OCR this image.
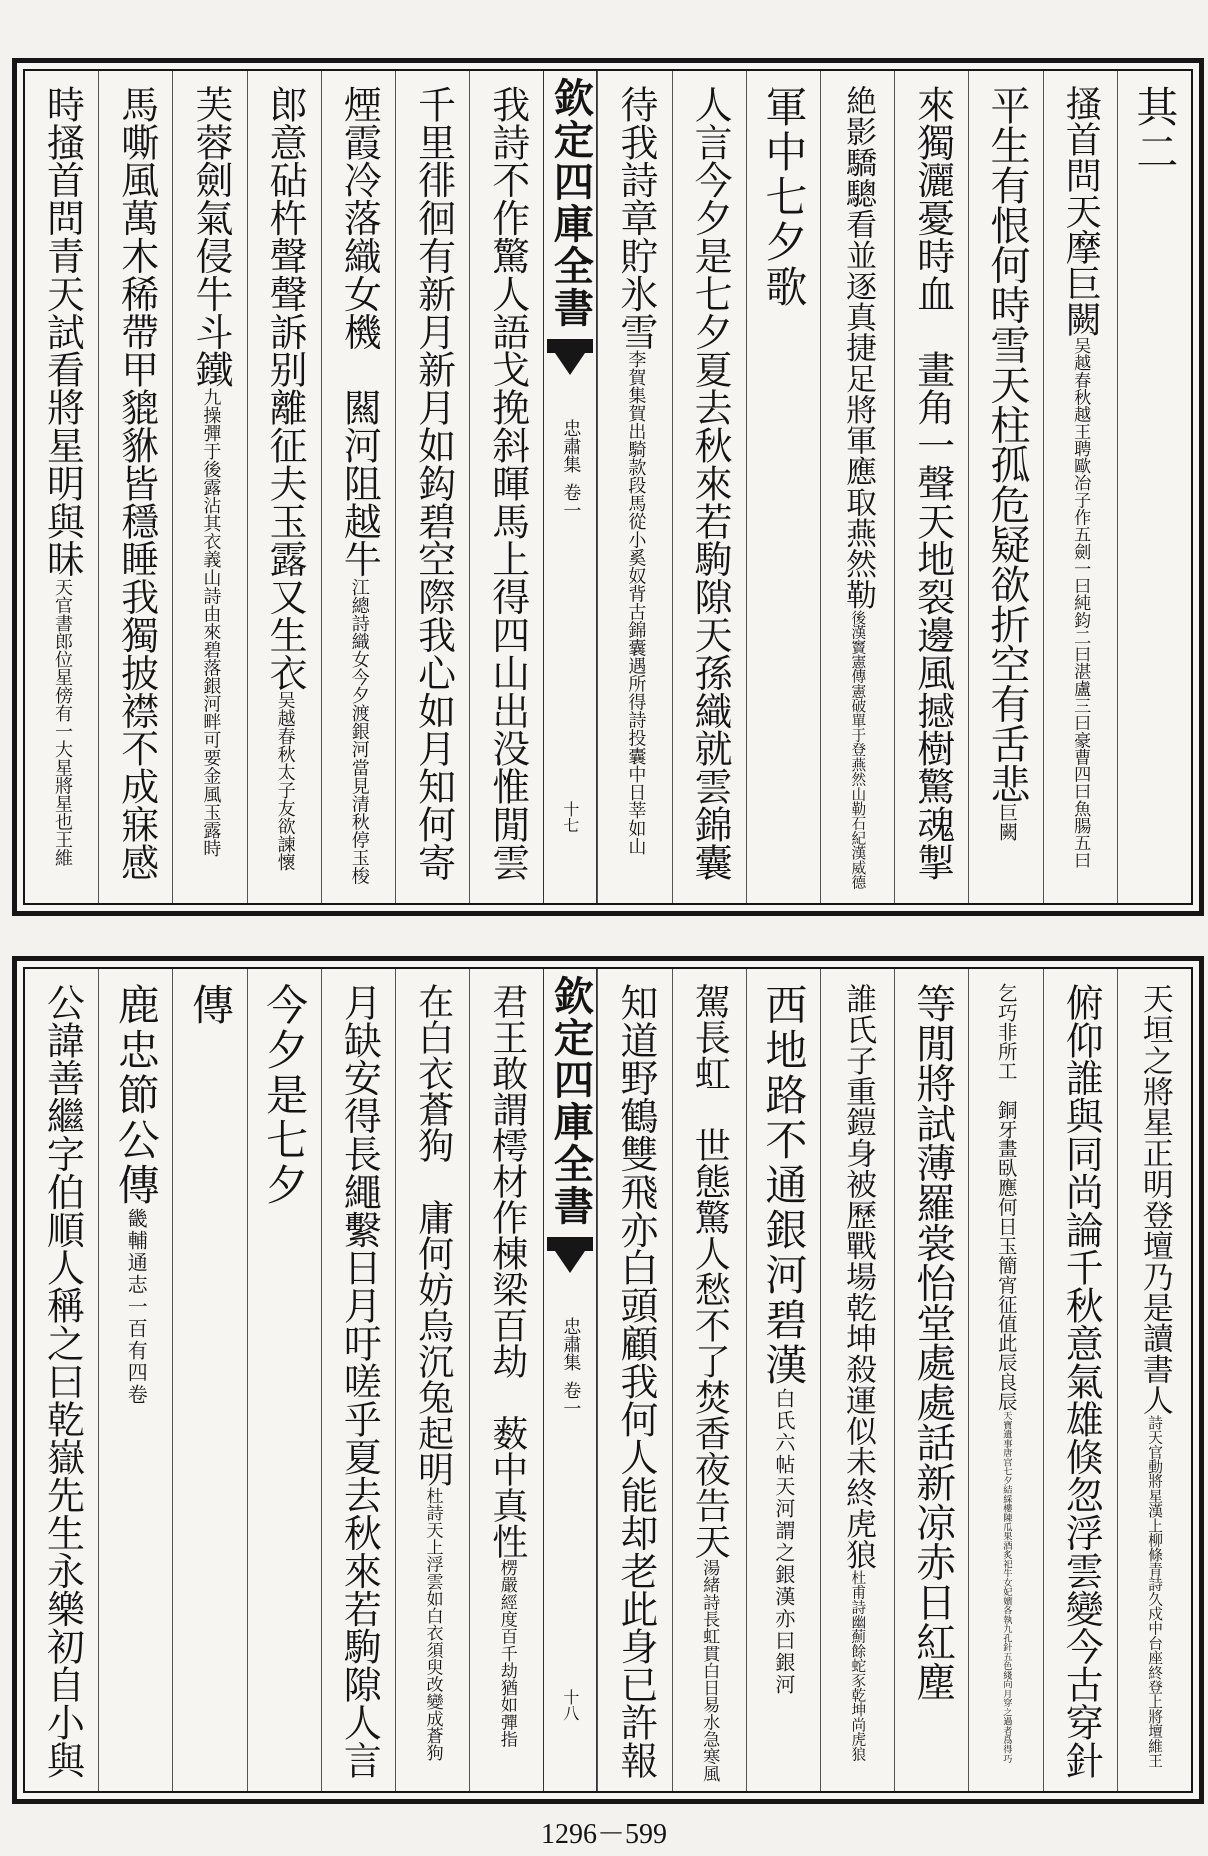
其二
搔首問天摩巨闕
吴越春秋越王聘歐冶子作五劍一曰純鈞二曰湛盧三曰豪曹四曰魚腸五曰
平生有恨何時雪天柱孤危疑欲折空有舌悲
巨闕
來獨灑憂時血　畫角一聲天地裂邊風撼樹驚魂掣
絶影驕驄看並逐真捷足將軍應取燕然勒
後漢竇憲傳憲破單于登燕然山勒石紀漢威德
軍中七夕歌
人言今夕是七夕夏去秋來若駒隙天孫織就雲錦囊
待我詩章貯氷雪
李賀集賀出騎款段馬從小奚奴背古錦囊遇所得詩投囊中日莘如山
欽定四庫全書
忠肅集
卷一
十七
我詩不作驚人語戈挽斜暉馬上得四山出没惟閒雲
千里徘徊有新月新月如鈎碧空際我心如月知何寄
煙霞冷落織女機　闗河阻越牛
江總詩織女今夕渡銀河當見清秋停玉梭
郎意砧杵聲聲訴别離征夫玉露又生衣
吴越春秋太子友欲諫懷
芙蓉劍氣侵牛斗鐵
九操彈于後露沾其衣義山詩由來碧落銀河畔可要金風玉露時
馬嘶風萬木稀帶甲貔貅皆穩睡我獨披襟不成寐感
時搔首問青天試看將星明與昧
天官書郎位星傍有一大星將星也王維
天垣之將星正明登壇乃是讀書人
詩天官動將星漢上柳條青詩久戍中台座終登上將壇維王
俯仰誰與同尚論千秋意氣雄倏忽浮雲變今古穿針
乞巧非所工　銅牙畫臥應何日玉簡宵征值此辰良辰
天寶遺事唐宫七夕結綵樓陳瓜果酒炙祀牛女妃嬪各執九孔針五色綫向月穿之過者爲得巧
等閒將試薄羅裳怡堂處處話新凉赤日紅塵
誰氏子重鎧身被歷戰場乾坤殺運似未終虎狼
杜甫詩幽薊餘蛇豕乾坤尚虎狼
西地路不通銀河碧漢
白氏六帖天河謂之銀漢亦曰銀河
駕長虹　世態驚人愁不了焚香夜告天
湯緒詩長虹貫白日易水急寒風
知道野鶴雙飛亦白頭顧我何人能却老此身已許報
欽定四庫全書
忠肅集
卷一
十八
君王敢謂樗材作棟梁百劫　薮中真性
楞嚴經度百千劫猶如彈指
在白衣蒼狗　庸何妨烏沉兔起明
杜詩天上浮雲如白衣須臾改變成蒼狗
月缺安得長繩繫日月吁嗟乎夏去秋來若駒隙人言
今夕是七夕
傳
鹿忠節公傳
畿輔通志一百有四卷
公諱善繼字伯順人稱之曰乾嶽先生永樂初自小與
1296－599
